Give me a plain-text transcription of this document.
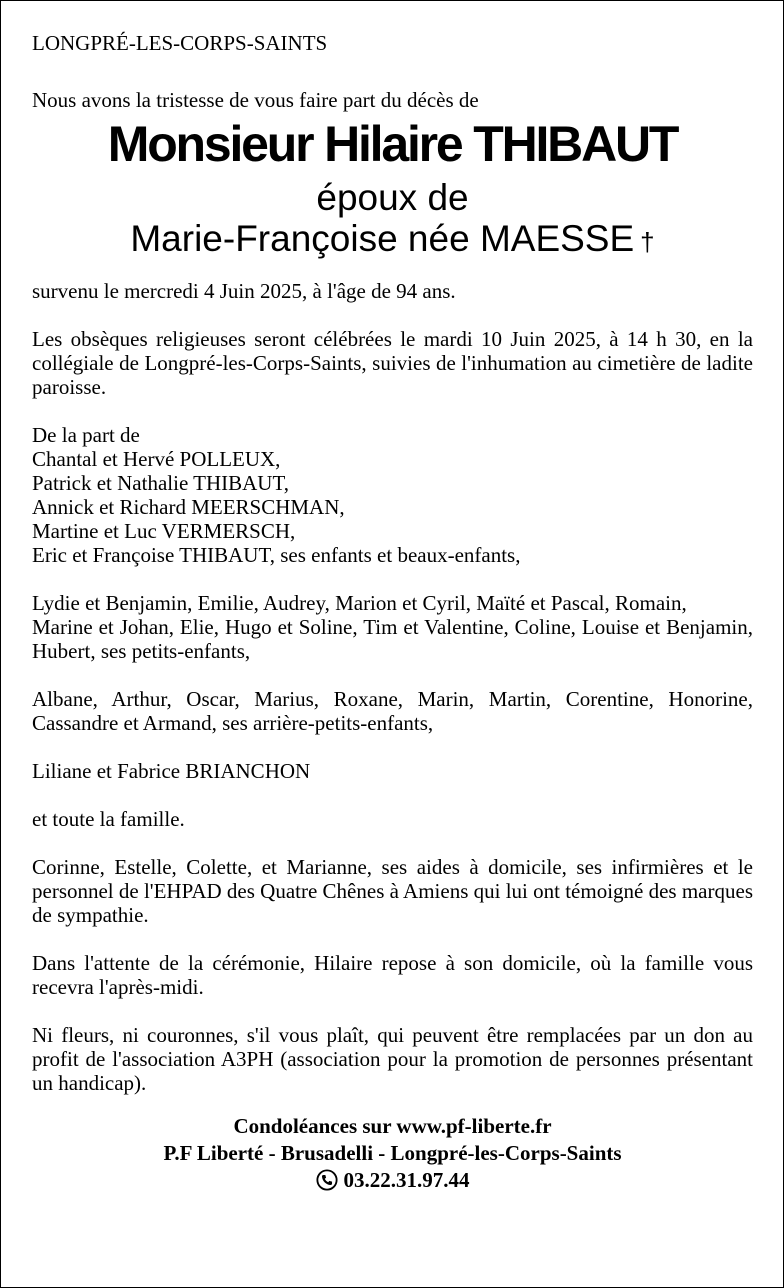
LONGPRÉ-LES-CORPS-SAINTS

Nous avons la tristesse de vous faire part du décès de

Monsieur Hilaire THIBAUT

époux de

Marie-Françoise née MAESSE †

survenu le mercredi 4 Juin 2025, à l'âge de 94 ans.

Les obsèques religieuses seront célébrées le mardi 10 Juin 2025, à 14 h 30, en la collégiale de Longpré-les-Corps-Saints, suivies de l'inhumation au cimetière de ladite paroisse.

De la part de

Chantal et Hervé POLLEUX,

Patrick et Nathalie THIBAUT,

Annick et Richard MEERSCHMAN,

Martine et Luc VERMERSCH,

Eric et Françoise THIBAUT, ses enfants et beaux-enfants,

Lydie et Benjamin, Emilie, Audrey, Marion et Cyril, Maïté et Pascal, Romain,

Marine et Johan, Elie, Hugo et Soline, Tim et Valentine, Coline, Louise et Benjamin, Hubert, ses petits-enfants,

Albane, Arthur, Oscar, Marius, Roxane, Marin, Martin, Corentine, Honorine, Cassandre et Armand, ses arrière-petits-enfants,

Liliane et Fabrice BRIANCHON

et toute la famille.

Corinne, Estelle, Colette, et Marianne, ses aides à domicile, ses infirmières et le personnel de l'EHPAD des Quatre Chênes à Amiens qui lui ont témoigné des marques de sympathie.

Dans l'attente de la cérémonie, Hilaire repose à son domicile, où la famille vous recevra l'après-midi.

Ni fleurs, ni couronnes, s'il vous plaît, qui peuvent être remplacées par un don au profit de l'association A3PH (association pour la promotion de personnes présentant un handicap).

Condoléances sur www.pf-liberte.fr

P.F Liberté - Brusadelli - Longpré-les-Corps-Saints

03.22.31.97.44
